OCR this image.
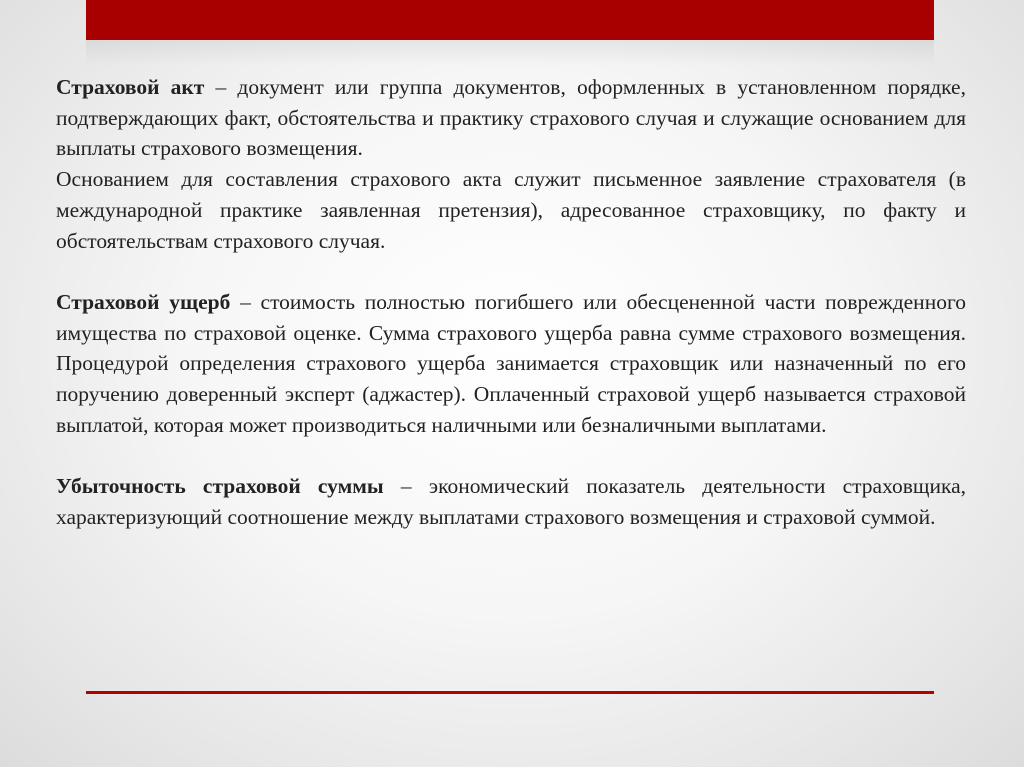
Страховой акт – документ или группа документов, оформленных в установленном порядке, подтверждающих факт, обстоятельства и практику страхового случая и служащие основанием для выплаты страхового возмещения.

Основанием для составления страхового акта служит письменное заявление страхователя (в международной практике заявленная претензия), адресованное страховщику, по факту и обстоятельствам страхового случая.

Страховой ущерб – стоимость полностью погибшего или обесцененной части поврежденного имущества по страховой оценке. Сумма страхового ущерба равна сумме страхового возмещения. Процедурой определения страхового ущерба занимается страховщик или назначенный по его поручению доверенный эксперт (аджастер). Оплаченный страховой ущерб называется страховой выплатой, которая может производиться наличными или безналичными выплатами.

Убыточность страховой суммы – экономический показатель деятельности страховщика, характеризующий соотношение между выплатами страхового возмещения и страховой суммой.
